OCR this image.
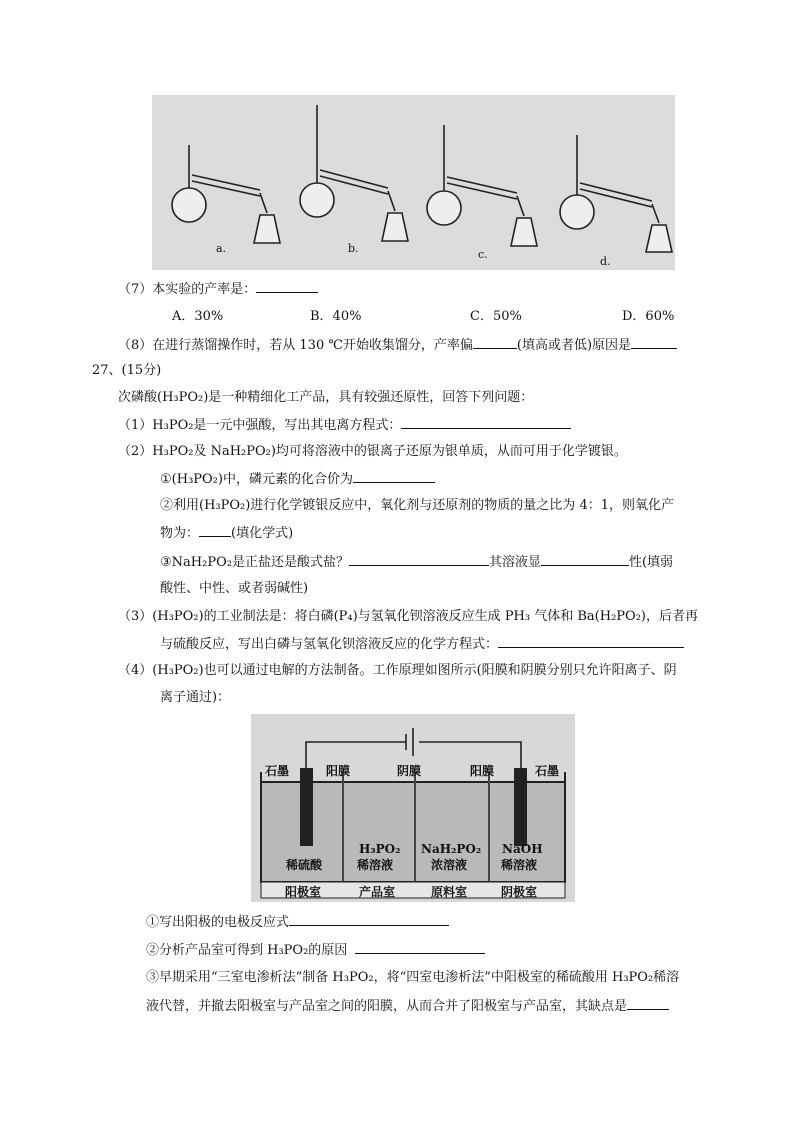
a.	b.	c.
d.
（7）本实验的产率是：
A．30%	B．40%	C．50%	D．60%
（8）在进行蒸馏操作时，若从 130 ℃开始收集馏分，产率偏	(填高或者低)原因是
27、(15分)
次磷酸(H₃PO₂)是一种精细化工产品，具有较强还原性，回答下列问题：
（1）H₃PO₂是一元中强酸，写出其电离方程式：
（2）H₃PO₂及 NaH₂PO₂)均可将溶液中的银离子还原为银单质，从而可用于化学镀银。
①(H₃PO₂)中，磷元素的化合价为
②利用(H₃PO₂)进行化学镀银反应中，氧化剂与还原剂的物质的量之比为 4：1，则氧化产
物为： (填化学式)
③NaH₂PO₂是正盐还是酸式盐？	其溶液显	性(填弱
酸性、中性、或者弱碱性)
（3）(H₃PO₂)的工业制法是：将白磷(P₄)与氢氧化钡溶液反应生成 PH₃ 气体和 Ba(H₂PO₂)，后者再
与硫酸反应，写出白磷与氢氧化钡溶液反应的化学方程式：
（4）(H₃PO₂)也可以通过电解的方法制备。工作原理如图所示(阳膜和阴膜分别只允许阳离子、阴
离子通过)：
石墨	阳膜	阴膜	阳膜	石墨
稀硫酸
H₃PO₂
稀溶液
NaH₂PO₂
浓溶液
NaOH
稀溶液
阳极室	产品室	原料室	阴极室
①写出阳极的电极反应式
②分析产品室可得到 H₃PO₂的原因
③早期采用“三室电渗析法”制备 H₃PO₂，将“四室电渗析法”中阳极室的稀硫酸用 H₃PO₂稀溶
液代替，并撤去阳极室与产品室之间的阳膜，从而合并了阳极室与产品室，其缺点是
